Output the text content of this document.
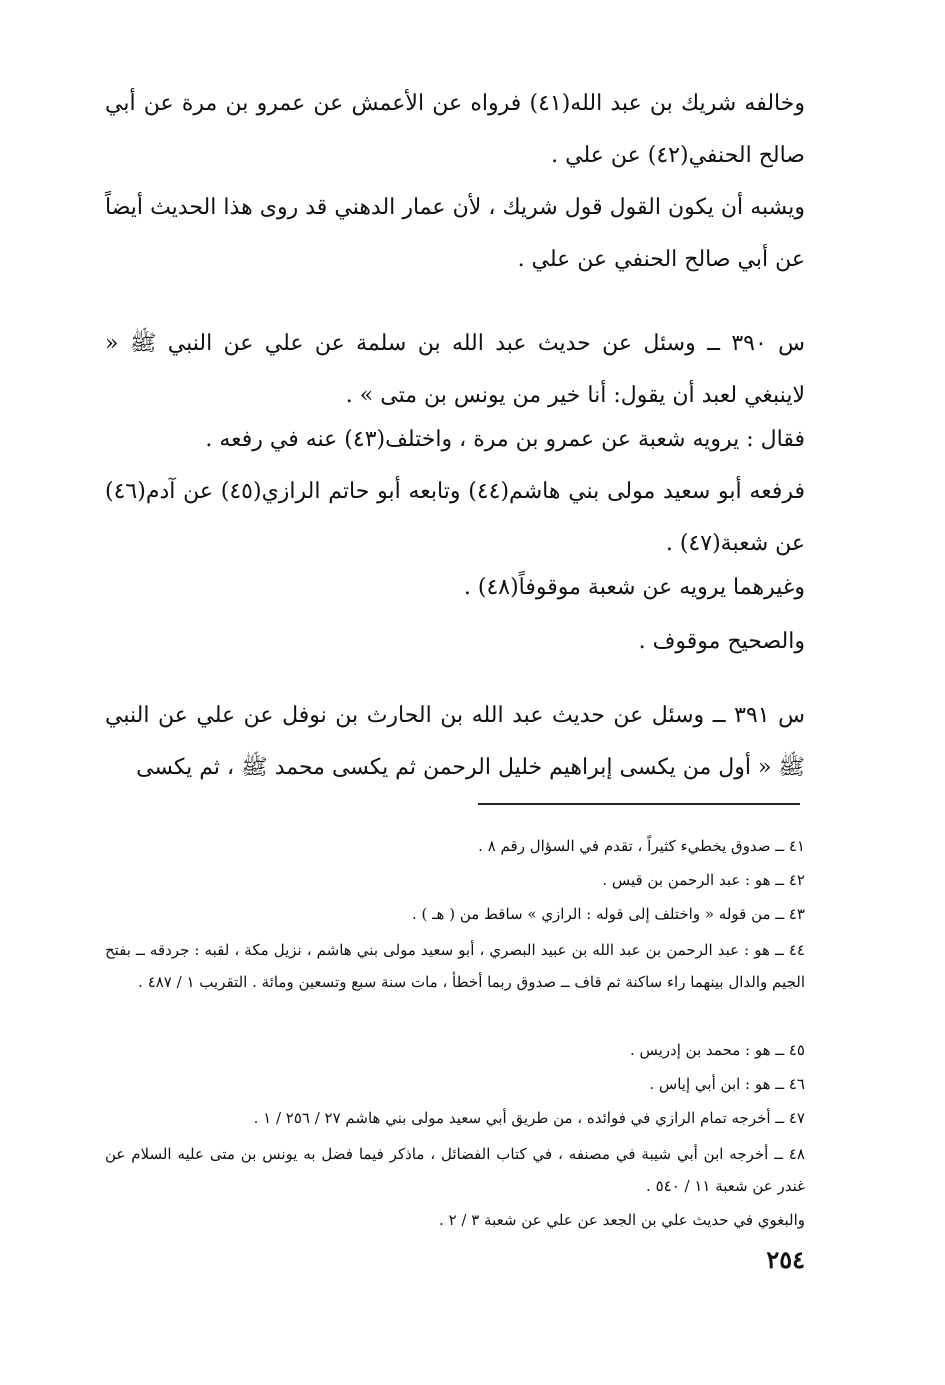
وخالفه شريك بن عبد الله(٤١) فرواه عن الأعمش عن عمرو بن مرة عن أبي صالح الحنفي(٤٢) عن علي .

ويشبه أن يكون القول قول شريك ، لأن عمار الدهني قد روى هذا الحديث أيضاً عن أبي صالح الحنفي عن علي .

س ٣٩٠ ــ وسئل عن حديث عبد الله بن سلمة عن علي عن النبي ﷺ « لاينبغي لعبد أن يقول: أنا خير من يونس بن متى » .

فقال : يرويه شعبة عن عمرو بن مرة ، واختلف(٤٣) عنه في رفعه .

فرفعه أبو سعيد مولى بني هاشم(٤٤) وتابعه أبو حاتم الرازي(٤٥) عن آدم(٤٦) عن شعبة(٤٧) .

وغيرهما يرويه عن شعبة موقوفاً(٤٨) .

والصحيح موقوف .

س ٣٩١ ــ وسئل عن حديث عبد الله بن الحارث بن نوفل عن علي عن النبي ﷺ « أول من يكسى إبراهيم خليل الرحمن ثم يكسى محمد ﷺ ، ثم يكسى

٤١ ــ صدوق يخطيء كثيراً ، تقدم في السؤال رقم ٨ .

٤٢ ــ هو : عبد الرحمن بن قيس .

٤٣ ــ من قوله « واختلف إلى قوله : الرازي » ساقط من ( هـ ) .

٤٤ ــ هو : عبد الرحمن بن عبد الله بن عبيد البصري ، أبو سعيد مولى بني هاشم ، نزيل مكة ، لقبه : جردقه ــ بفتح الجيم والدال بينهما راء ساكنة ثم قاف ــ صدوق ربما أخطأ ، مات سنة سبع وتسعين ومائة . التقريب ١ / ٤٨٧ .

٤٥ ــ هو : محمد بن إدريس .

٤٦ ــ هو : ابن أبي إياس .

٤٧ ــ أخرجه تمام الرازي في فوائده ، من طريق أبي سعيد مولى بني هاشم ٢٧ / ٢٥٦ / ١ .

٤٨ ــ أخرجه ابن أبي شيبة في مصنفه ، في كتاب الفضائل ، ماذكر فيما فضل به يونس بن متى عليه السلام عن غندر عن شعبة ١١ / ٥٤٠ .

والبغوي في حديث علي بن الجعد عن علي عن شعبة ٣ / ٢ .

٢٥٤
